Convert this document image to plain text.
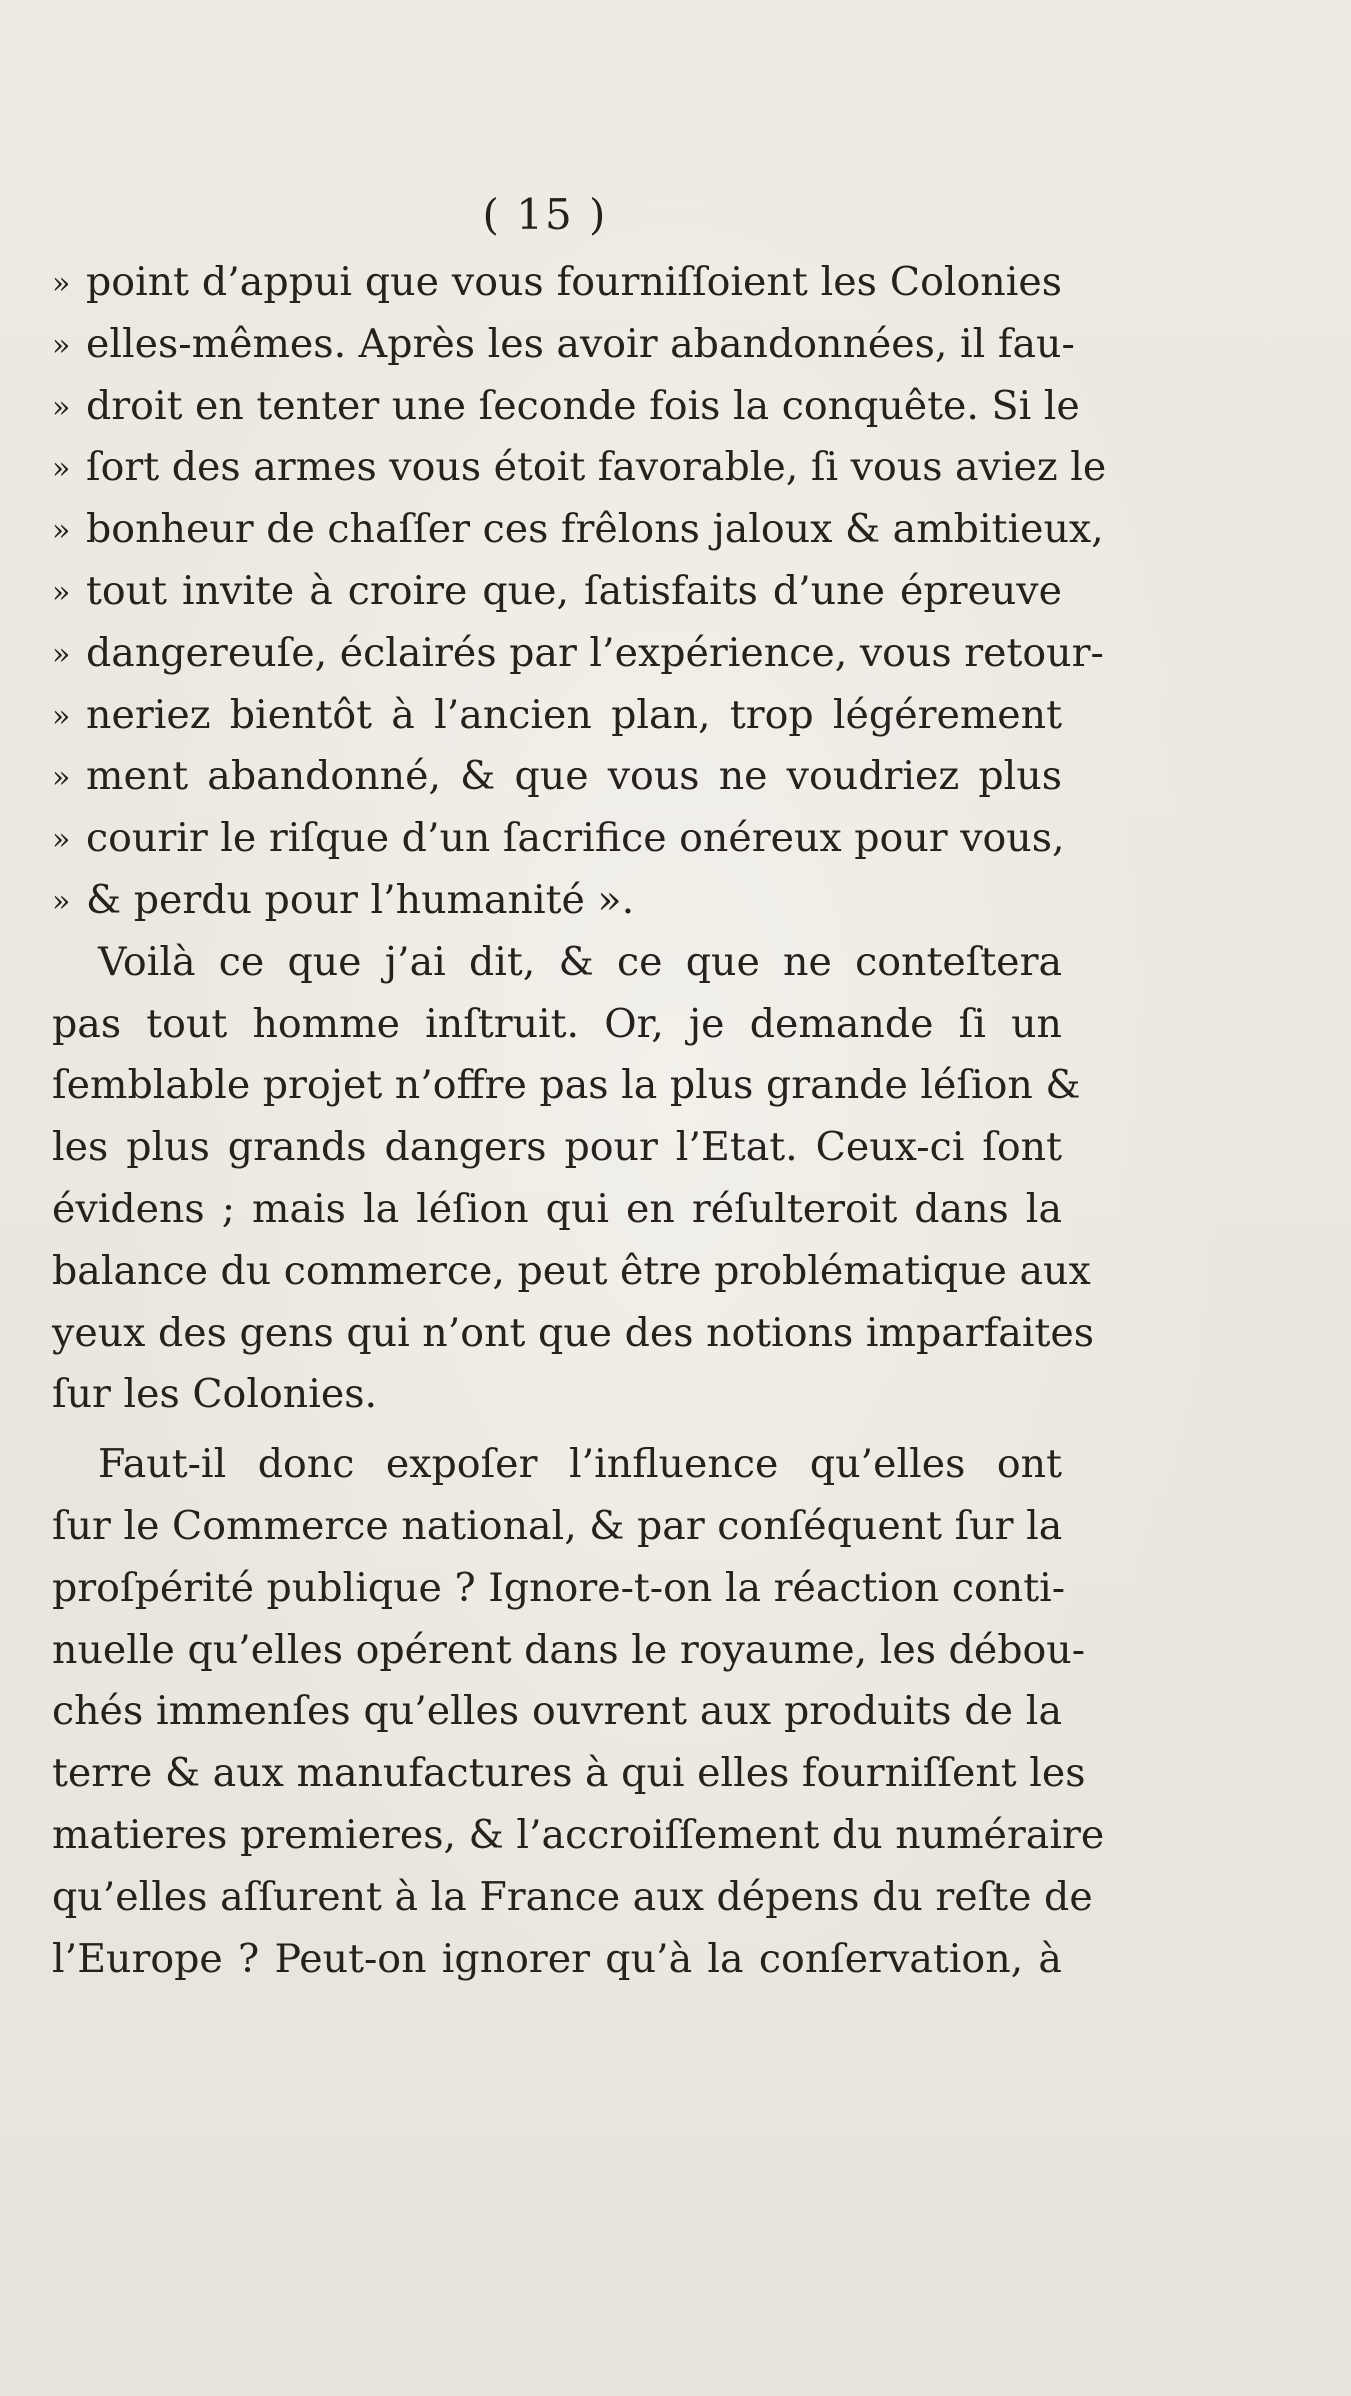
( 15 )
» point d’appui que vous fourniſſoient les Colonies
» elles-mêmes. Après les avoir abandonnées, il fau-
» droit en tenter une ſeconde fois la conquête. Si le
» ſort des armes vous étoit favorable, ſi vous aviez le
» bonheur de chaſſer ces frêlons jaloux & ambitieux,
» tout invite à croire que, ſatisfaits d’une épreuve
» dangereuſe, éclairés par l’expérience, vous retour-
» neriez bientôt à l’ancien plan, trop légérement
» ment abandonné, & que vous ne voudriez plus
» courir le riſque d’un ſacrifice onéreux pour vous,
» & perdu pour l’humanité ».
Voilà ce que j’ai dit, & ce que ne conteſtera
pas tout homme inſtruit. Or, je demande ſi un
ſemblable projet n’offre pas la plus grande léſion &
les plus grands dangers pour l’Etat. Ceux-ci ſont
évidens ; mais la léſion qui en réſulteroit dans la
balance du commerce, peut être problématique aux
yeux des gens qui n’ont que des notions imparfaites
ſur les Colonies.
Faut-il donc expoſer l’influence qu’elles ont
ſur le Commerce national, & par conſéquent ſur la
proſpérité publique ? Ignore-t-on la réaction conti-
nuelle qu’elles opérent dans le royaume, les débou-
chés immenſes qu’elles ouvrent aux produits de la
terre & aux manufactures à qui elles fourniſſent les
matieres premieres, & l’accroiſſement du numéraire
qu’elles aſſurent à la France aux dépens du reſte de
l’Europe ? Peut-on ignorer qu’à la conſervation, à
